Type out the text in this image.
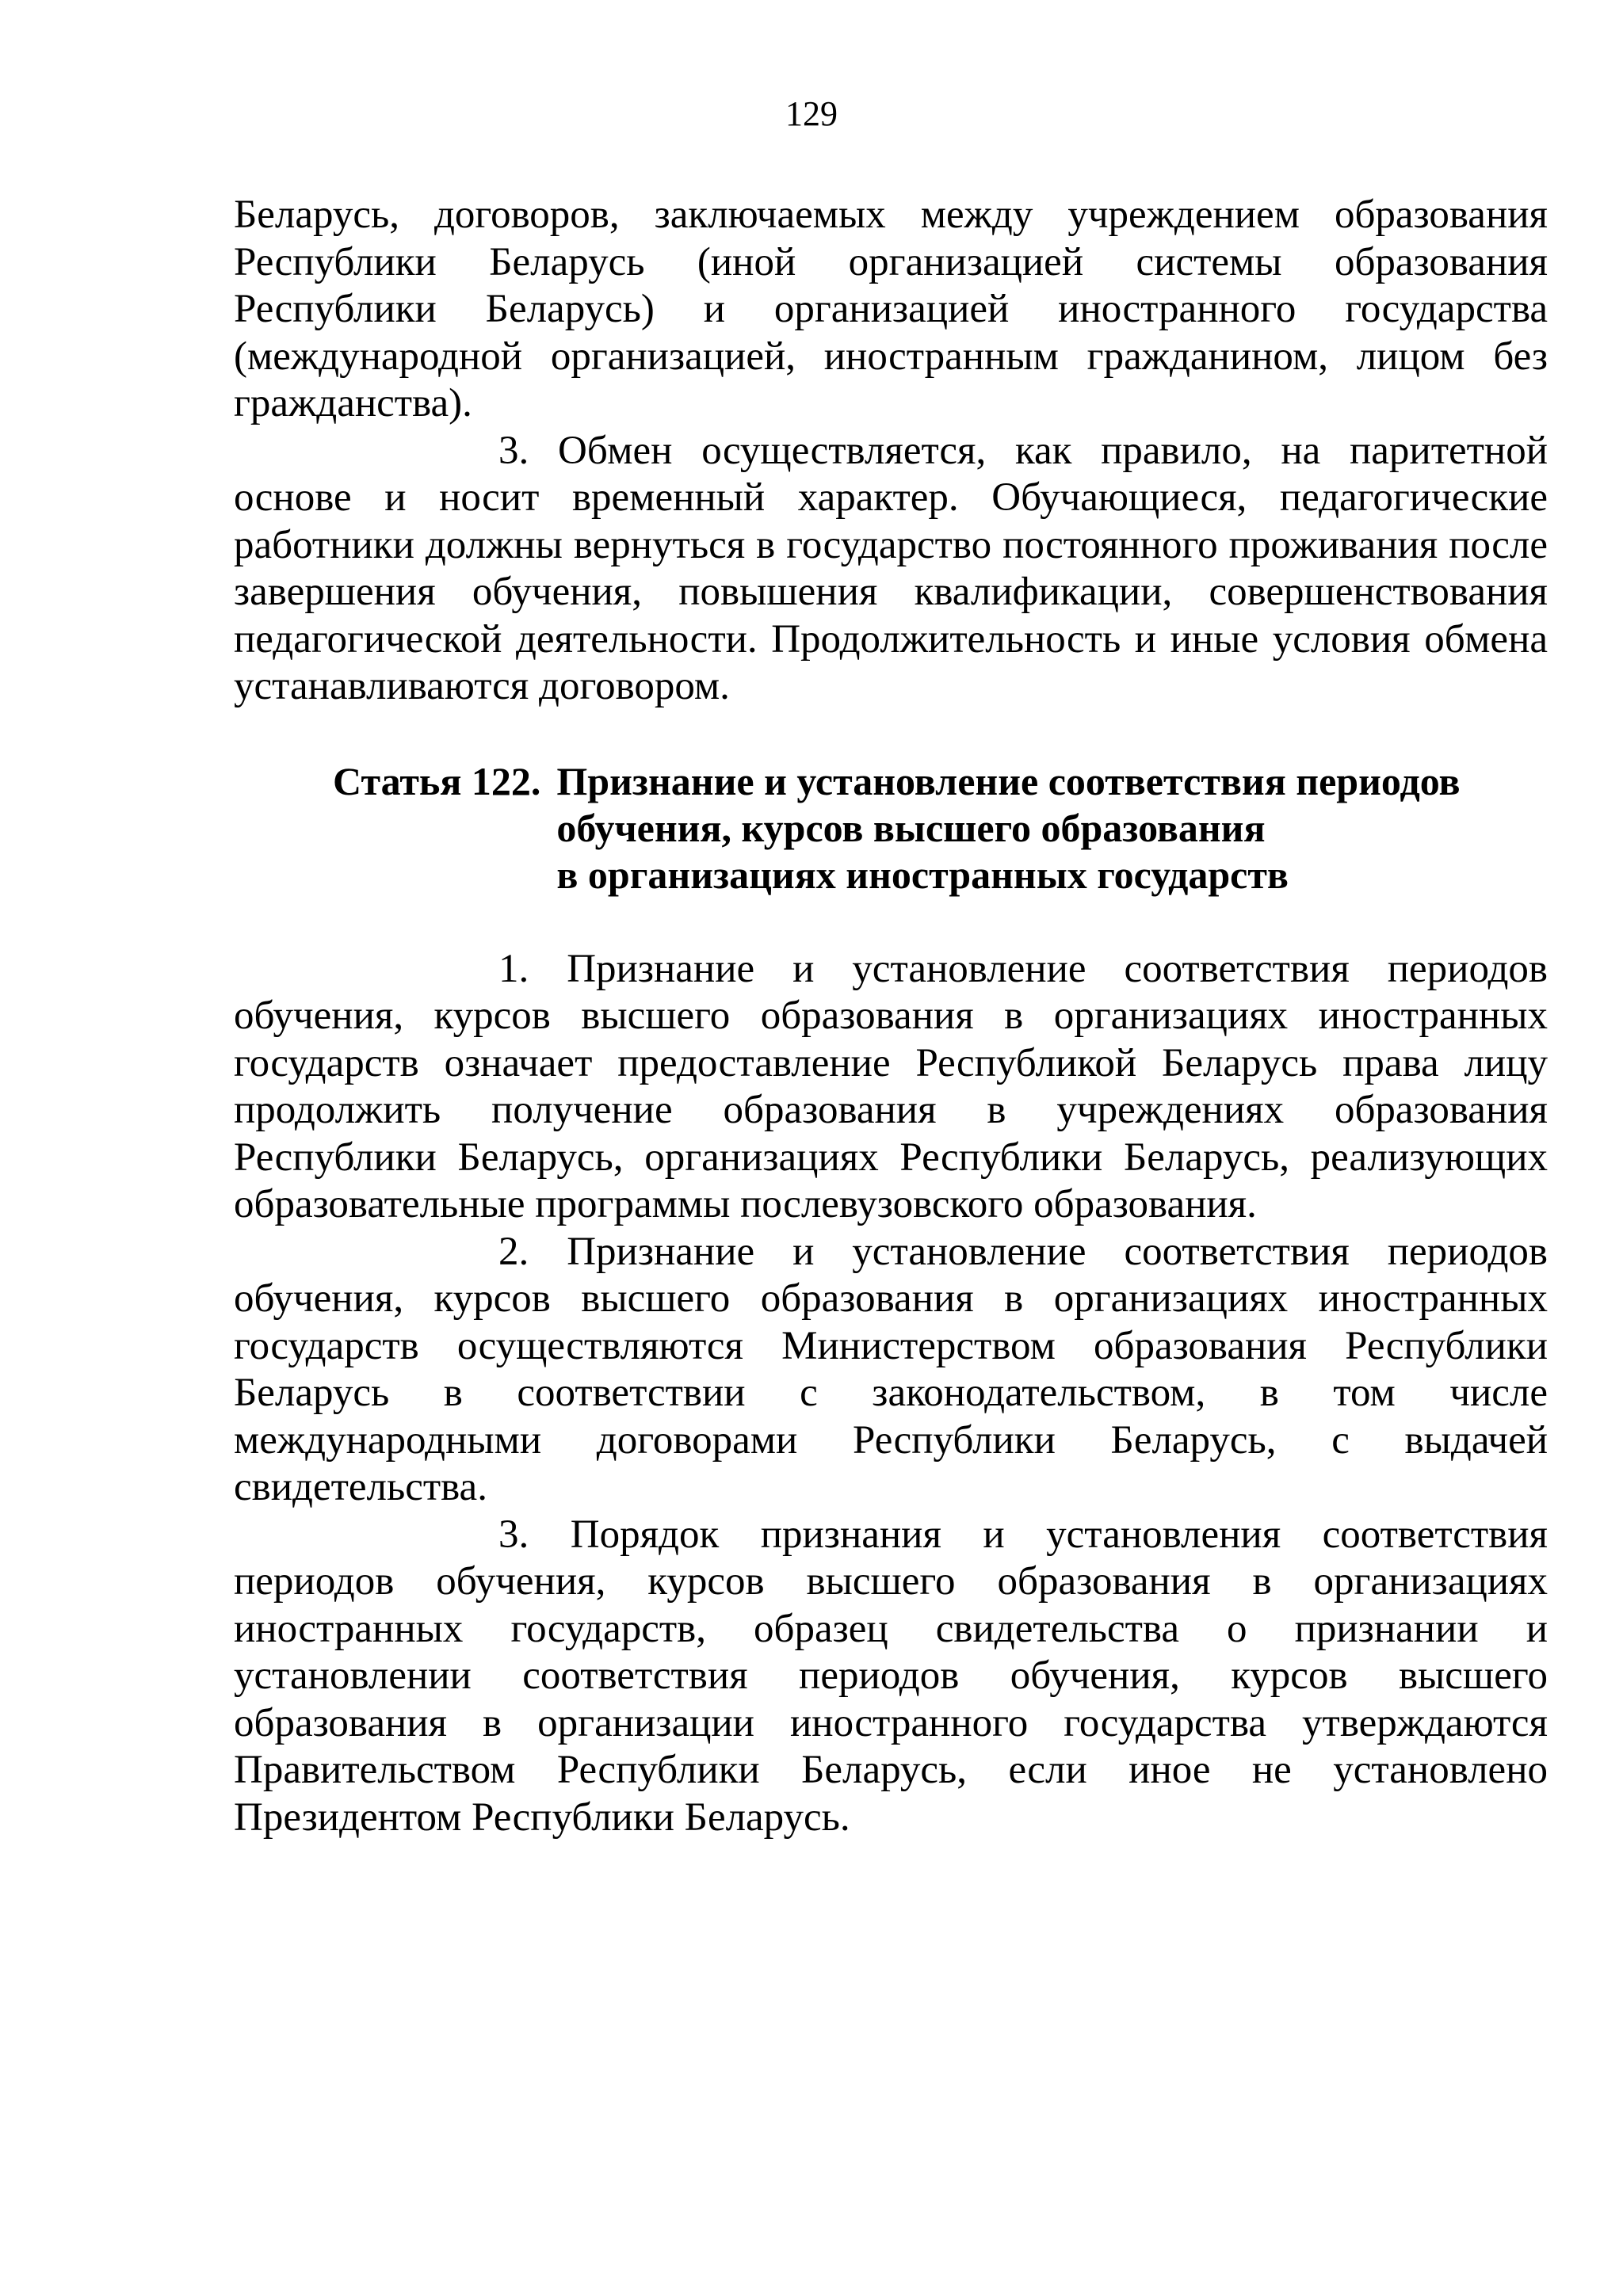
129

Беларусь, договоров, заключаемых между учреждением образования Республики Беларусь (иной организацией системы образования Республики Беларусь) и организацией иностранного государства (международной организацией, иностранным гражданином, лицом без гражданства).

3. Обмен осуществляется, как правило, на паритетной основе и носит временный характер. Обучающиеся, педагогические работники должны вернуться в государство постоянного проживания после завершения обучения, повышения квалификации, совершенствования педагогической деятельности. Продолжительность и иные условия обмена устанавливаются договором.

Статья 122. Признание и установление соответствия периодов
обучения, курсов высшего образования
в организациях иностранных государств

1. Признание и установление соответствия периодов обучения, курсов высшего образования в организациях иностранных государств означает предоставление Республикой Беларусь права лицу продолжить получение образования в учреждениях образования Республики Беларусь, организациях Республики Беларусь, реализующих образовательные программы послевузовского образования.

2. Признание и установление соответствия периодов обучения, курсов высшего образования в организациях иностранных государств осуществляются Министерством образования Республики Беларусь в соответствии с законодательством, в том числе международными договорами Республики Беларусь, с выдачей свидетельства.

3. Порядок признания и установления соответствия периодов обучения, курсов высшего образования в организациях иностранных государств, образец свидетельства о признании и установлении соответствия периодов обучения, курсов высшего образования в организации иностранного государства утверждаются Правительством Республики Беларусь, если иное не установлено Президентом Республики Беларусь.
